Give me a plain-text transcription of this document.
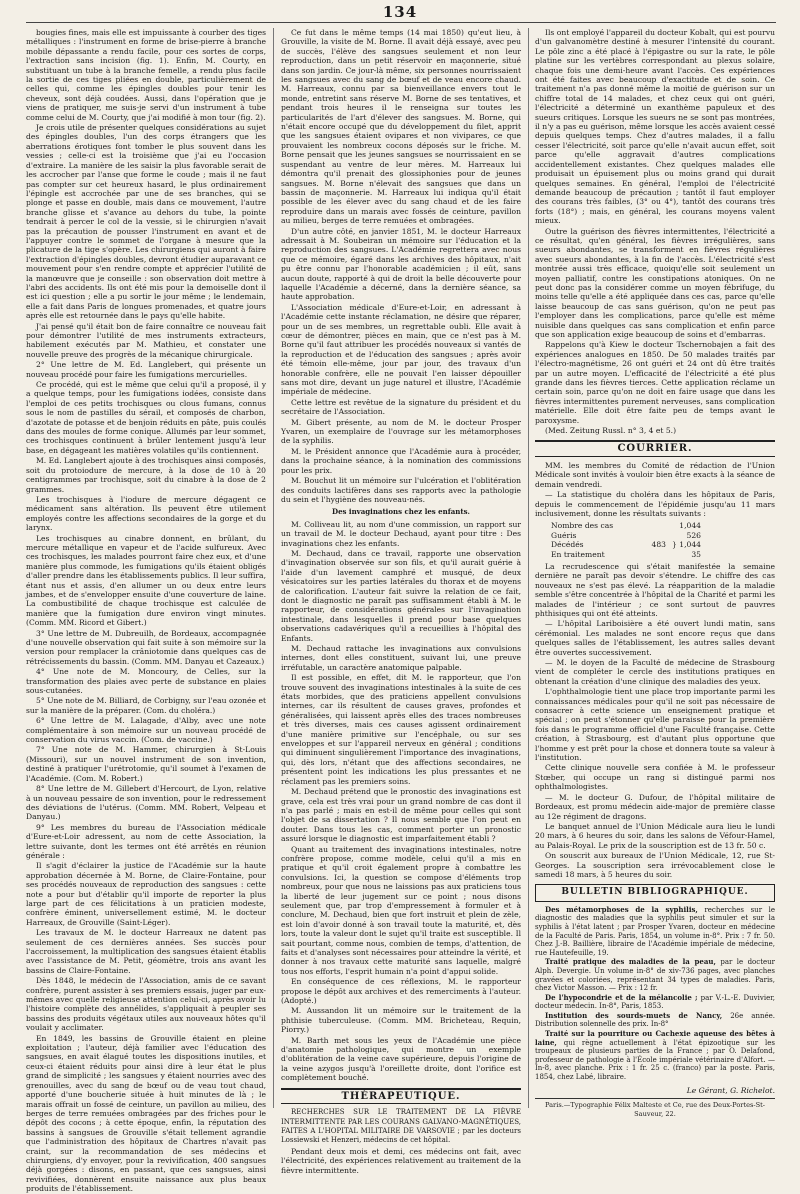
134

bougies fines, mais elle est impuissante à courber des tiges métalliques : l'instrument en forme de brise-pierre à branche mobile dépassante a rendu facile, pour ces sortes de corps, l'extraction sans incision (fig. 1). Enfin, M. Courty, en substituant un tube à la branche femelle, a rendu plus facile la sortie de ces tiges pliées en double, particulièrement de celles qui, comme les épingles doubles pour tenir les cheveux, sont déjà coudées. Aussi, dans l'opération que je viens de pratiquer, me suis-je servi d'un instrument à tube comme celui de M. Courty, que j'ai modifié à mon tour (fig. 2).

Je crois utile de présenter quelques considérations au sujet des épingles doubles, l'un des corps étrangers que les aberrations érotiques font tomber le plus souvent dans les vessies ; celle-ci est la troisième que j'ai eu l'occasion d'extraire. La manière de les saisir la plus favorable serait de les accrocher par l'anse que forme le coude ; mais il ne faut pas compter sur cet heureux hasard, le plus ordinairement l'épingle est accrochée par une de ses branches, qui se plonge et passe en double, mais dans ce mouvement, l'autre branche glisse et s'avance au dehors du tube, la pointe tendrait à percer le col de la vessie, si le chirurgien n'avait pas la précaution de pousser l'instrument en avant et de l'appuyer contre le sommet de l'organe à mesure que la plicature de la tige s'opère. Les chirurgiens qui auront à faire l'extraction d'épingles doubles, devront étudier auparavant ce mouvement pour s'en rendre compte et apprécier l'utilité de la manœuvre que je conseille : son observation doit mettre à l'abri des accidents. Ils ont été mis pour la demoiselle dont il est ici question ; elle a pu sortir le jour même ; le lendemain, elle a fait dans Paris de longues promenades, et quatre jours après elle est retournée dans le pays qu'elle habite.

J'ai pensé qu'il était bon de faire connaître ce nouveau fait pour démontrer l'utilité de mes instruments extracteurs, habilement exécutés par M. Mathieu, et constater une nouvelle preuve des progrès de la mécanique chirurgicale.

2° Une lettre de M. Ed. Langlebert, qui présente un nouveau procédé pour faire les fumigations mercurielles.

Ce procédé, qui est le même que celui qu'il a proposé, il y a quelque temps, pour les fumigations iodées, consiste dans l'emploi de ces petits trochisques ou clous fumans, connus sous le nom de pastilles du sérail, et composés de charbon, d'azotate de potasse et de benjoin réduits en pâte, puis coulés dans des moules de forme conique. Allumés par leur sommet, ces trochisques continuent à brûler lentement jusqu'à leur base, en dégageant les matières volatiles qu'ils contiennent.

M. Ed. Langlebert ajoute à des trochisques ainsi composés, soit du protoiodure de mercure, à la dose de 10 à 20 centigrammes par trochisque, soit du cinabre à la dose de 2 grammes.

Les trochisques à l'iodure de mercure dégagent ce médicament sans altération. Ils peuvent être utilement employés contre les affections secondaires de la gorge et du larynx.

Les trochisques au cinabre donnent, en brûlant, du mercure métallique en vapeur et de l'acide sulfureux. Avec ces trochisques, les malades pourront faire chez eux, et d'une manière plus commode, les fumigations qu'ils étaient obligés d'aller prendre dans les établissements publics. Il leur suffira, étant nus et assis, d'en allumer un ou deux entre leurs jambes, et de s'envelopper ensuite d'une couverture de laine. La combustibilité de chaque trochisque est calculée de manière que la fumigation dure environ vingt minutes. (Comm. MM. Ricord et Gibert.)

3° Une lettre de M. Dubreuilh, de Bordeaux, accompagnée d'une nouvelle observation qui fait suite à son mémoire sur la version pour remplacer la crâniotomie dans quelques cas de rétrécissements du bassin. (Comm. MM. Danyau et Cazeaux.)

4° Une note de M. Moncoury, de Celles, sur la transformation des plaies avec perte de substance en plaies sous-cutanées.

5° Une note de M. Billiard, de Corbigny, sur l'eau ozonée et sur la manière de la préparer. (Com. du choléra.)

6° Une lettre de M. Lalagade, d'Alby, avec une note complémentaire à son mémoire sur un nouveau procédé de conservation du virus vaccin. (Com. de vaccine.)

7° Une note de M. Hammer, chirurgien à St-Louis (Missouri), sur un nouvel instrument de son invention, destiné à pratiquer l'urétrotomie, qu'il soumet à l'examen de l'Académie. (Com. M. Robert.)

8° Une lettre de M. Gillebert d'Hercourt, de Lyon, relative à un nouveau pessaire de son invention, pour le redressement des déviations de l'utérus. (Comm. MM. Robert, Velpeau et Danyau.)

9° Les membres du bureau de l'Association médicale d'Eure-et-Loir adressent, au nom de cette Association, la lettre suivante, dont les termes ont été arrêtés en réunion générale :

Il s'agit d'éclairer la justice de l'Académie sur la haute approbation décernée à M. Borne, de Claire-Fontaine, pour ses procédés nouveaux de reproduction des sangsues : cette note a pour but d'établir qu'il importe de reporter la plus large part de ces félicitations à un praticien modeste, confrère éminent, universellement estimé, M. le docteur Harreaux, de Grouville (Saint-Léger).

Les travaux de M. le docteur Harreaux ne datent pas seulement de ces dernières années. Ses succès pour l'accroissement, la multiplication des sangsues étaient établis avec l'assistance de M. Petit, géomètre, trois ans avant les bassins de Claire-Fontaine.

Dès 1848, le médecin de l'Association, amis de ce savant confrère, purent assister à ses premiers essais, juger par eux-mêmes avec quelle religieuse attention celui-ci, après avoir lu l'histoire complète des annélides, s'appliquait à peupler ses bassins des produits végétaux utiles aux nouveaux hôtes qu'il voulait y acclimater.

En 1849, les bassins de Grouville étaient en pleine exploitation ; l'auteur, déjà familier avec l'éducation des sangsues, en avait élagué toutes les dispositions inutiles, et ceux-ci étaient réduits pour ainsi dire à leur état le plus grand de simplicité ; les sangsues y étaient nourries avec des grenouilles, avec du sang de bœuf ou de veau tout chaud, apporté d'une boucherie située à huit minutes de là ; le marais offrait un fossé de ceinture, un pavillon au milieu, des berges de terre remuées ombragées par des friches pour le dépôt des cocons ; à cette époque, enfin, la réputation des bassins à sangsues de Grouville s'était tellement agrandie que l'administration des hôpitaux de Chartres n'avait pas craint, sur la recommandation de ses médecins et chirurgiens, d'y envoyer, pour la revivification, 400 sangsues déjà gorgées : disons, en passant, que ces sangsues, ainsi revivifiées, donnèrent ensuite naissance aux plus beaux produits de l'établissement.

Ce fut dans le même temps (14 mai 1850) qu'eut lieu, à Grouville, la visite de M. Borne. Il avait déjà essayé, avec peu de succès, l'élève des sangsues seulement et non leur reproduction, dans un petit réservoir en maçonnerie, situé dans son jardin. Ce jour-là même, six personnes nourrissaient les sangsues avec du sang de bœuf et de veau encore chaud. M. Harreaux, connu par sa bienveillance envers tout le monde, entretint sans réserve M. Borne de ses tentatives, et pendant trois heures il le renseigna sur toutes les particularités de l'art d'élever des sangsues. M. Borne, qui n'était encore occupé que du développement du filet, apprit que les sangsues étaient ovipares et non vivipares, ce que prouvaient les nombreux cocons déposés sur le friche. M. Borne pensait que les jeunes sangsues se nourrissaient en se suspendant au ventre de leur mères. M. Harreaux lui démontra qu'il prenait des glossiphonies pour de jeunes sangsues. M. Borne n'élevait des sangsues que dans un bassin de maçonnerie. M. Harreaux lui indiqua qu'il était possible de les élever avec du sang chaud et de les faire reproduire dans un marais avec fossés de ceinture, pavillon au milieu, berges de terre remuées et ombragées.

D'un autre côté, en janvier 1851, M. le docteur Harreaux adressait à M. Soubeiran un mémoire sur l'éducation et la reproduction des sangsues. L'Académie regrettera avec nous que ce mémoire, égaré dans les archives des hôpitaux, n'ait pu être connu par l'honorable académicien ; il eût, sans aucun doute, rapporté à qui de droit la belle découverte pour laquelle l'Académie a décerné, dans la dernière séance, sa haute approbation.

L'Association médicale d'Eure-et-Loir, en adressant à l'Académie cette instante réclamation, ne désire que réparer, pour un de ses membres, un regrettable oubli. Elle avait à cœur de démontrer, pièces en main, que ce n'est pas à M. Borne qu'il faut attribuer les procédés nouveaux si vantés de la reproduction et de l'éducation des sangsues ; après avoir été témoin elle-même, jour par jour, des travaux d'un honorable confrère, elle ne pouvait l'en laisser dépouiller sans mot dire, devant un juge naturel et illustre, l'Académie impériale de médecine.

Cette lettre est revêtue de la signature du président et du secrétaire de l'Association.

M. Gibert présente, au nom de M. le docteur Prosper Yvaren, un exemplaire de l'ouvrage sur les métamorphoses de la syphilis.

M. le Président annonce que l'Académie aura à procéder, dans la prochaine séance, à la nomination des commissions pour les prix.

M. Bouchut lit un mémoire sur l'ulcération et l'oblitération des conduits lactifères dans ses rapports avec la pathologie du sein et l'hygiène des nouveau-nés.

Des invaginations chez les enfants.

M. Colliveau lit, au nom d'une commission, un rapport sur un travail de M. le docteur Dechaud, ayant pour titre : Des invaginations chez les enfants.

M. Dechaud, dans ce travail, rapporte une observation d'invagination observée sur son fils, et qu'il aurait guérie à l'aide d'un lavement camphré et musqué, de deux vésicatoires sur les parties latérales du thorax et de moyens de calorification. L'auteur fait suivre la relation de ce fait, dont le diagnostic ne paraît pas suffisamment établi à M. le rapporteur, de considérations générales sur l'invagination intestinale, dans lesquelles il prend pour base quelques observations cadavériques qu'il a recueillies à l'hôpital des Enfants.

M. Dechaud rattache les invaginations aux convulsions internes, dont elles constituent, suivant lui, une preuve irréfutable, un caractère anatomique palpable.

Il est possible, en effet, dit M. le rapporteur, que l'on trouve souvent des invaginations intestinales à la suite de ces états morbides, que des praticiens appellent convulsions internes, car ils résultent de causes graves, profondes et généralisées, qui laissent après elles des traces nombreuses et très diverses, mais ces causes agissent ordinairement d'une manière primitive sur l'encéphale, ou sur ses enveloppes et sur l'appareil nerveux en général ; conditions qui diminuent singulièrement l'importance des invaginations, qui, dès lors, n'étant que des affections secondaires, ne présentent point les indications les plus pressantes et ne réclament pas les premiers soins.

M. Dechaud prétend que le pronostic des invaginations est grave, cela est très vrai pour un grand nombre de cas dont il n'a pas parlé ; mais en est-il de même pour celles qui sont l'objet de sa dissertation ? Il nous semble que l'on peut en douter. Dans tous les cas, comment porter un pronostic assuré lorsque le diagnostic est imparfaitement établi ?

Quant au traitement des invaginations intestinales, notre confrère propose, comme modèle, celui qu'il a mis en pratique et qu'il croit également propre à combattre les convulsions. Ici, la question se compose d'éléments trop nombreux, pour que nous ne laissions pas aux praticiens tous la liberté de leur jugement sur ce point ; nous disons seulement que, par trop d'empressement à formuler et à conclure, M. Dechaud, bien que fort instruit et plein de zèle, est loin d'avoir donné à son travail toute la maturité, et, dès lors, toute la valeur dont le sujet qu'il traite est susceptible. Il sait pourtant, comme nous, combien de temps, d'attention, de faits et d'analyses sont nécessaires pour atteindre la vérité, et donner à nos travaux cette maturité sans laquelle, malgré tous nos efforts, l'esprit humain n'a point d'appui solide.

En conséquence de ces réflexions, M. le rapporteur propose le dépôt aux archives et des remerciments à l'auteur. (Adopté.)

M. Aussandon lit un mémoire sur le traitement de la phthisie tuberculeuse. (Comm. MM. Bricheteau, Requin, Piorry.)

M. Barth met sous les yeux de l'Académie une pièce d'anatomie pathologique, qui montre un exemple d'oblitération de la veine cave supérieure, depuis l'origine de la veine azygos jusqu'à l'oreillette droite, dont l'orifice est complètement bouché.

THÉRAPEUTIQUE.

RECHERCHES SUR LE TRAITEMENT DE LA FIÈVRE INTERMITTENTE PAR LES COURANS GALVANO-MAGNÉTIQUES, FAITES A L'HOPITAL MILITAIRE DE VARSOVIE ; par les docteurs Lossiewski et Henzeri, médecins de cet hôpital.

Pendant deux mois et demi, ces médecins ont fait, avec l'électricité, des expériences relativement au traitement de la fièvre intermittente.

Ils ont employé l'appareil du docteur Kobalt, qui est pourvu d'un galvanomètre destiné à mesurer l'intensité du courant. Le pôle zinc a été placé à l'épigastre ou sur la rate, le pôle platine sur les vertèbres correspondant au plexus solaire, chaque fois une demi-heure avant l'accès. Ces expériences ont été faites avec beaucoup d'exactitude et de soin. Ce traitement n'a pas donné même la moitié de guérison sur un chiffre total de 14 malades, et chez ceux qui ont guéri, l'électricité a déterminé un exanthème papuleux et des sueurs critiques. Lorsque les sueurs ne se sont pas montrées, il n'y a pas eu guérison, même lorsque les accès avaient cessé depuis quelques temps. Chez d'autres malades, il a fallu cesser l'électricité, soit parce qu'elle n'avait aucun effet, soit parce qu'elle aggravait d'autres complications accidentellement existantes. Chez quelques malades elle produisait un épuisement plus ou moins grand qui durait quelques semaines. En général, l'emploi de l'électricité demande beaucoup de précaution ; tantôt il faut employer des courans très faibles, (3° ou 4°), tantôt des courans très forts (18°) ; mais, en général, les courans moyens valent mieux.

Outre la guérison des fièvres intermittentes, l'électricité a ce résultat, qu'en général, les fièvres irrégulières, sans sueurs abondantes, se transforment en fièvres régulières avec sueurs abondantes, à la fin de l'accès. L'électricité s'est montrée aussi très efficace, quoiqu'elle soit seulement un moyen palliatif, contre les constipations atoniques. On ne peut donc pas la considérer comme un moyen fébrifuge, du moins telle qu'elle a été appliquée dans ces cas, parce qu'elle laisse beaucoup de cas sans guérison, qu'on ne peut pas l'employer dans les complications, parce qu'elle est même nuisible dans quelques cas sans complication et enfin parce que son application exige beaucoup de soins et d'embarras.

Rappelons qu'à Kiew le docteur Tschernobajen a fait des expériences analogues en 1850. De 50 malades traités par l'électro-magnétisme, 26 ont guéri et 24 ont dû être traités par un autre moyen. L'efficacité de l'électricité a été plus grande dans les fièvres tierces. Cette application réclame un certain soin, parce qu'on ne doit en faire usage que dans les fièvres intermittentes purement nerveuses, sans complication matérielle. Elle doit être faite peu de temps avant le paroxysme.

(Med. Zeitung Russl. n° 3, 4 et 5.)

COURRIER.

MM. les membres du Comité de rédaction de l'Union Médicale sont invités à vouloir bien être exacts à la séance de demain vendredi.

— La statistique du choléra dans les hôpitaux de Paris, depuis le commencement de l'épidémie jusqu'au 11 mars inclusivement, donne les résultats suivants :

Nombre des cas	1,044
Guéris	526
Décédés	483 } 1,044
En traitement	35

La recrudescence qui s'était manifestée la semaine dernière ne paraît pas devoir s'étendre. Le chiffre des cas nouveaux ne s'est pas élevé. La réapparition de la maladie semble s'être concentrée à l'hôpital de la Charité et parmi les malades de l'intérieur ; ce sont surtout de pauvres phthisiques qui ont été atteints.

— L'hôpital Lariboisière a été ouvert lundi matin, sans cérémonial. Les malades ne sont encore reçus que dans quelques salles de l'établissement, les autres salles devant être ouvertes successivement.

— M. le doyen de la Faculté de médecine de Strasbourg vient de compléter le cercle des institutions pratiques en obtenant la création d'une clinique des maladies des yeux.

L'ophthalmologie tient une place trop importante parmi les connaissances médicales pour qu'il ne soit pas nécessaire de consacrer à cette science un enseignement pratique et spécial ; on peut s'étonner qu'elle paraisse pour la première fois dans le programme officiel d'une Faculté française. Cette création, à Strasbourg, est d'autant plus opportune que l'homme y est prêt pour la chose et donnera toute sa valeur à l'institution.

Cette clinique nouvelle sera confiée à M. le professeur Stœber, qui occupe un rang si distingué parmi nos ophthalmologistes.

— M. le docteur G. Dufour, de l'hôpital militaire de Bordeaux, est promu médecin aide-major de première classe au 12e régiment de dragons.

Le banquet annuel de l'Union Médicale aura lieu le lundi 20 mars, à 6 heures du soir, dans les salons de Véfour-Hamel, au Palais-Royal. Le prix de la souscription est de 13 fr. 50 c.

On souscrit aux bureaux de l'Union Médicale, 12, rue St-Georges. La souscription sera irrévocablement close le samedi 18 mars, à 5 heures du soir.

BULLETIN BIBLIOGRAPHIQUE.

Des métamorphoses de la syphilis, recherches sur le diagnostic des maladies que la syphilis peut simuler et sur la syphilis à l'état latent ; par Prosper Yvaren, docteur en médecine de la Faculté de Paris. Paris, 1854, un volume in-8°. Prix : 7 fr. 50. Chez J.-B. Baillière, libraire de l'Académie impériale de médecine, rue Hautefeuille, 19.

Traité pratique des maladies de la peau, par le docteur Alph. Devergie. Un volume in-8° de xiv-736 pages, avec planches gravées et coloriées, représentant 34 types de maladies. Paris, chez Victor Masson. — Prix : 12 fr.

De l'hypocondrie et de la mélancolie ; par V.-L.-E. Duvivier, docteur médecin. In-8°, Paris, 1853.

Institution des sourds-muets de Nancy, 26e année. Distribution solennelle des prix. In-8°

Traité sur la pourriture ou Cachexie aqueuse des bêtes à laine, qui règne actuellement à l'état épizootique sur les troupeaux de plusieurs parties de la France ; par O. Delafond, professeur de pathologie à l'École impériale vétérinaire d'Alfort. — In-8, avec planche. Prix : 1 fr. 25 c. (franco) par la poste. Paris, 1854, chez Labé, libraire.

Le Gérant, G. Richelot.
Paris.—Typographie Félix Malteste et Ce, rue des Deux-Portes-St-Sauveur, 22.
